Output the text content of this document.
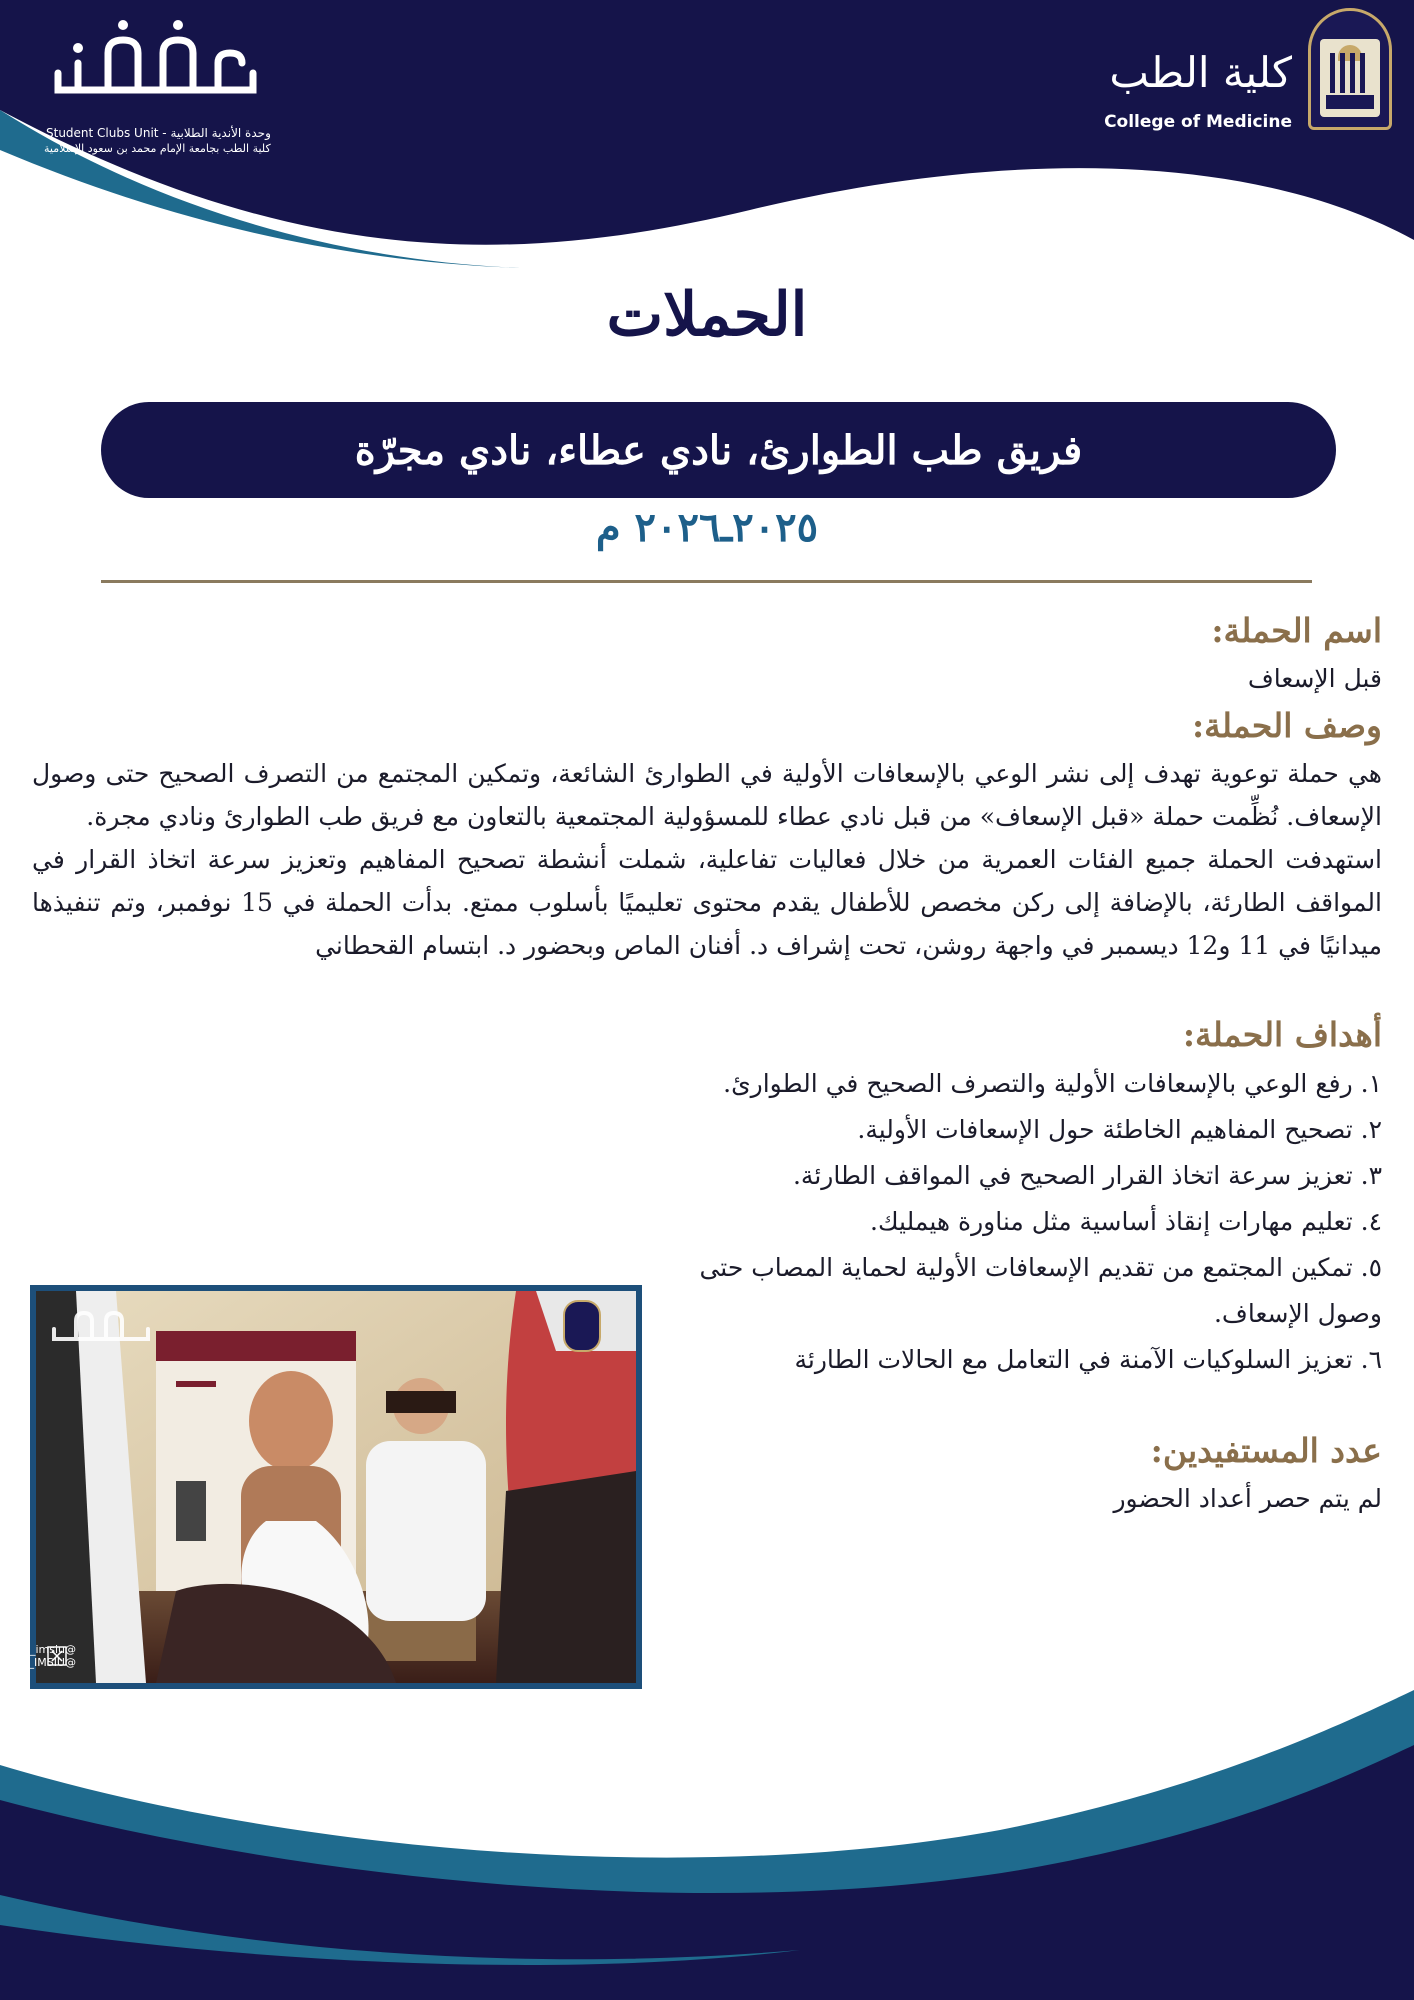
كلية الطب
College of Medicine
Student Clubs Unit - وحدة الأندية الطلابية
كلية الطب بجامعة الإمام محمد بن سعود الإسلامية
الحملات
فريق طب الطوارئ، نادي عطاء، نادي مجرّة
٢٠٢٥ـ٢٠٢٦ م
اسم الحملة:

قبل الإسعاف

وصف الحملة:

هي حملة توعوية تهدف إلى نشر الوعي بالإسعافات الأولية في الطوارئ الشائعة، وتمكين المجتمع من التصرف الصحيح حتى وصول الإسعاف. نُظِّمت حملة «قبل الإسعاف» من قبل نادي عطاء للمسؤولية المجتمعية بالتعاون مع فريق طب الطوارئ ونادي مجرة.

استهدفت الحملة جميع الفئات العمرية من خلال فعاليات تفاعلية، شملت أنشطة تصحيح المفاهيم وتعزيز سرعة اتخاذ القرار في المواقف الطارئة، بالإضافة إلى ركن مخصص للأطفال يقدم محتوى تعليميًا بأسلوب ممتع. بدأت الحملة في 15 نوفمبر، وتم تنفيذها ميدانيًا في 11 و12 ديسمبر في واجهة روشن، تحت إشراف د. أفنان الماص وبحضور د. ابتسام القحطاني

أهداف الحملة:
١. رفع الوعي بالإسعافات الأولية والتصرف الصحيح في الطوارئ.
٢. تصحيح المفاهيم الخاطئة حول الإسعافات الأولية.
٣. تعزيز سرعة اتخاذ القرار الصحيح في المواقف الطارئة.
٤. تعليم مهارات إنقاذ أساسية مثل مناورة هيمليك.
٥. تمكين المجتمع من تقديم الإسعافات الأولية لحماية المصاب حتى وصول الإسعاف.
٦. تعزيز السلوكيات الآمنة في التعامل مع الحالات الطارئة
عدد المستفيدين:

لم يتم حصر أعداد الحضور

@med_imsiu
@SC_IMSIU
